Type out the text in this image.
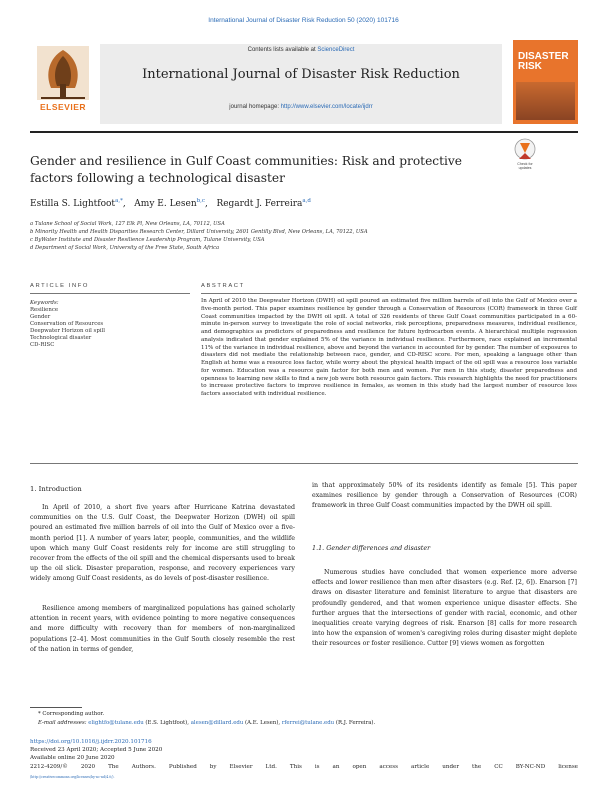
International Journal of Disaster Risk Reduction 50 (2020) 101716
ELSEVIER
Contents lists available at ScienceDirect
International Journal of Disaster Risk Reduction
journal homepage: http://www.elsevier.com/locate/ijdrr
DISASTER RISK
Gender and resilience in Gulf Coast communities: Risk and protective factors following a technological disaster
Check for
updates
Estilla S. Lightfoot$^{a,*}$,   Amy E. Lesen$^{b,c}$,   Regardt J. Ferreira$^{a,d}$
a Tulane School of Social Work, 127 Elk Pl, New Orleans, LA, 70112, USA
b Minority Health and Health Disparities Research Center, Dillard University, 2601 Gentilly Blvd, New Orleans, LA, 70122, USA
c ByWater Institute and Disaster Resilience Leadership Program, Tulane University, USA
d Department of Social Work, University of the Free State, South Africa
ARTICLE INFO
Keywords:
Resilience
Gender
Conservation of Resources
Deepwater Horizon oil spill
Technological disaster
CD-RISC
ABSTRACT
In April of 2010 the Deepwater Horizon (DWH) oil spill poured an estimated five million barrels of oil into the Gulf of Mexico over a five-month period. This paper examines resilience by gender through a Conservation of Resources (COR) framework in three Gulf Coast communities impacted by the DWH oil spill. A total of 326 residents of three Gulf Coast communities participated in a 60-minute in-person survey to investigate the role of social networks, risk perceptions, preparedness measures, individual resilience, and demographics as predictors of preparedness and resilience for future hydrocarbon events. A hierarchical multiple regression analysis indicated that gender explained 5% of the variance in individual resilience. Furthermore, race explained an incremental 11% of the variance in individual resilience, above and beyond the variance in accounted for by gender. The number of exposures to disasters did not mediate the relationship between race, gender, and CD-RISC score. For men, speaking a language other than English at home was a resource loss factor, while worry about the physical health impact of the oil spill was a resource loss variable for women. Education was a resource gain factor for both men and women. For men in this study, disaster preparedness and openness to learning new skills to find a new job were both resource gain factors. This research highlights the need for practitioners to increase protective factors to improve resilience in females, as women in this study had the largest number of resource loss factors associated with individual resilience.
1. Introduction
In April of 2010, a short five years after Hurricane Katrina devastated communities on the U.S. Gulf Coast, the Deepwater Horizon (DWH) oil spill poured an estimated five million barrels of oil into the Gulf of Mexico over a five-month period [1]. A number of years later, people, communities, and the wildlife upon which many Gulf Coast residents rely for income are still struggling to recover from the effects of the oil spill and the chemical dispersants used to break up the oil slick. Disaster preparation, response, and recovery experiences vary widely among Gulf Coast residents, as do levels of post-disaster resilience.
Resilience among members of marginalized populations has gained scholarly attention in recent years, with evidence pointing to more negative consequences and more difficulty with recovery than for members of non-marginalized populations [2–4]. Most communities in the Gulf South closely resemble the rest of the nation in terms of gender,
in that approximately 50% of its residents identify as female [5]. This paper examines resilience by gender through a Conservation of Resources (COR) framework in three Gulf Coast communities impacted by the DWH oil spill.
1.1. Gender differences and disaster
Numerous studies have concluded that women experience more adverse effects and lower resilience than men after disasters (e.g. Ref. [2, 6]). Enarson [7] draws on disaster literature and feminist literature to argue that disasters are profoundly gendered, and that women experience unique disaster effects. She further argues that the intersections of gender with racial, economic, and other inequalities create varying degrees of risk. Enarson [8] calls for more research into how the expansion of women's caregiving roles during disaster might deplete their resources or foster resilience. Cutter [9] views women as forgotten
* Corresponding author.
E-mail addresses: elightfo@tulane.edu (E.S. Lightfoot), alesen@dillard.edu (A.E. Lesen), rferrei@tulane.edu (R.J. Ferreira).
https://doi.org/10.1016/j.ijdrr.2020.101716
Received 23 April 2020; Accepted 5 June 2020
Available online 20 June 2020
2212-4209/© 2020 The Authors. Published by Elsevier Ltd. This is an open access article under the CC BY-NC-ND license
(http://creativecommons.org/licenses/by-nc-nd/4.0/).
